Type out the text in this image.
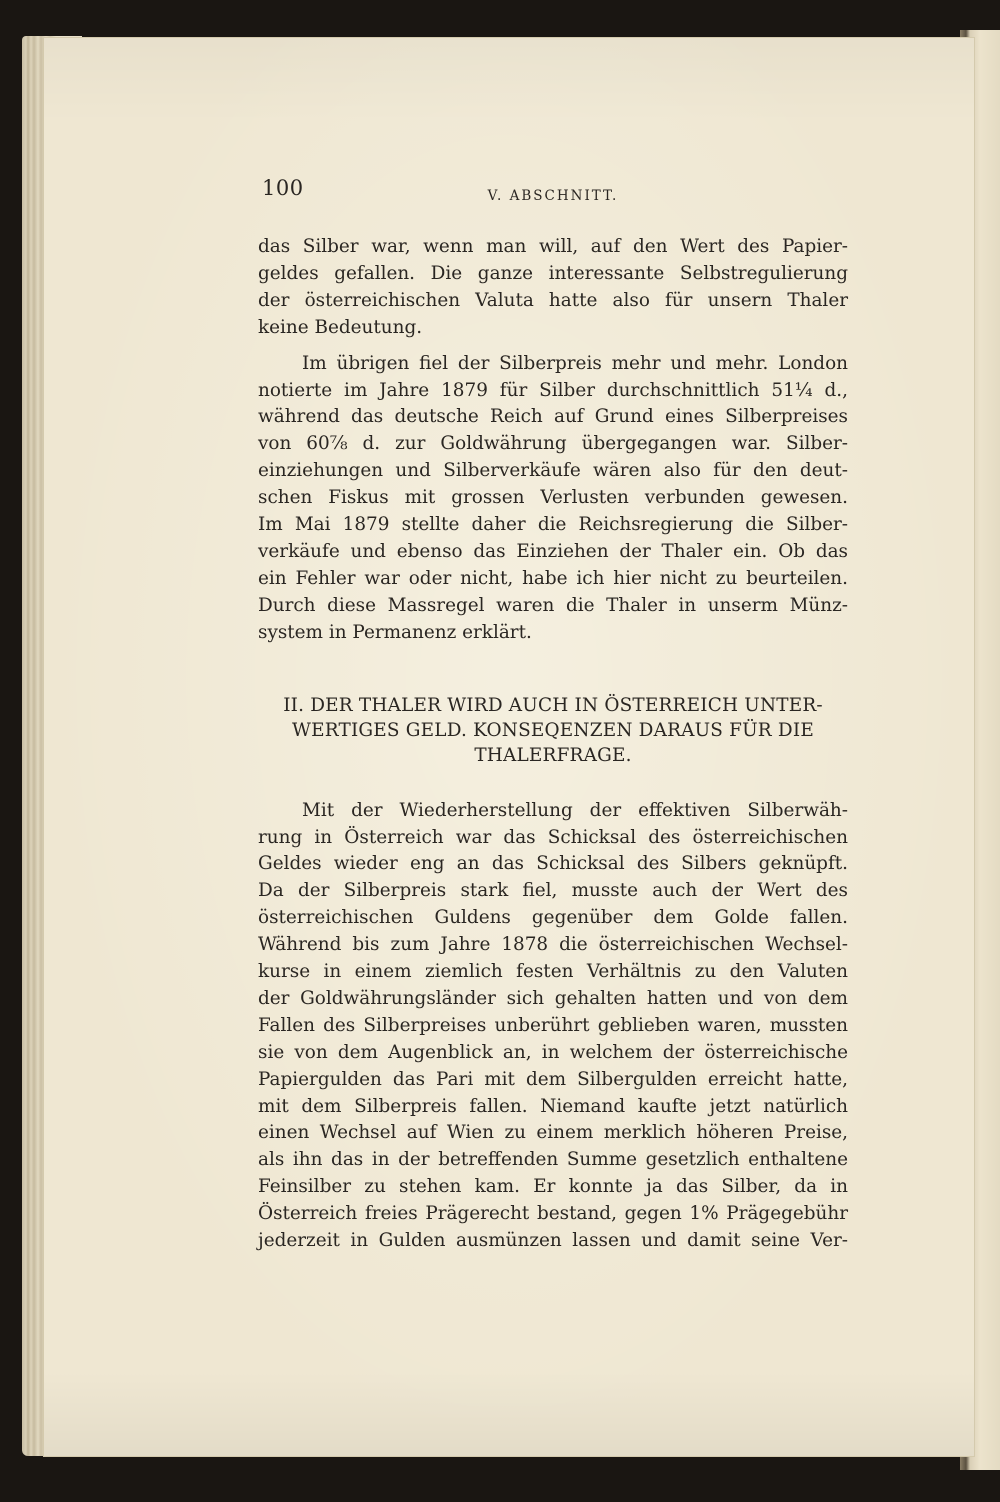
100	V. ABSCHNITT.

das Silber war, wenn man will, auf den Wert des Papier-
geldes gefallen. Die ganze interessante Selbstregulierung
der österreichischen Valuta hatte also für unsern Thaler
keine Bedeutung.

Im übrigen fiel der Silberpreis mehr und mehr. London
notierte im Jahre 1879 für Silber durchschnittlich 51¼ d.,
während das deutsche Reich auf Grund eines Silberpreises
von 60⅞ d. zur Goldwährung übergegangen war. Silber-
einziehungen und Silberverkäufe wären also für den deut-
schen Fiskus mit grossen Verlusten verbunden gewesen.
Im Mai 1879 stellte daher die Reichsregierung die Silber-
verkäufe und ebenso das Einziehen der Thaler ein. Ob das
ein Fehler war oder nicht, habe ich hier nicht zu beurteilen.
Durch diese Massregel waren die Thaler in unserm Münz-
system in Permanenz erklärt.

II. DER THALER WIRD AUCH IN ÖSTERREICH UNTER-
WERTIGES GELD. KONSEQENZEN DARAUS FÜR DIE
THALERFRAGE.

Mit der Wiederherstellung der effektiven Silberwäh-
rung in Österreich war das Schicksal des österreichischen
Geldes wieder eng an das Schicksal des Silbers geknüpft.
Da der Silberpreis stark fiel, musste auch der Wert des
österreichischen Guldens gegenüber dem Golde fallen.
Während bis zum Jahre 1878 die österreichischen Wechsel-
kurse in einem ziemlich festen Verhältnis zu den Valuten
der Goldwährungsländer sich gehalten hatten und von dem
Fallen des Silberpreises unberührt geblieben waren, mussten
sie von dem Augenblick an, in welchem der österreichische
Papiergulden das Pari mit dem Silbergulden erreicht hatte,
mit dem Silberpreis fallen. Niemand kaufte jetzt natürlich
einen Wechsel auf Wien zu einem merklich höheren Preise,
als ihn das in der betreffenden Summe gesetzlich enthaltene
Feinsilber zu stehen kam. Er konnte ja das Silber, da in
Österreich freies Prägerecht bestand, gegen 1% Prägegebühr
jederzeit in Gulden ausmünzen lassen und damit seine Ver-
